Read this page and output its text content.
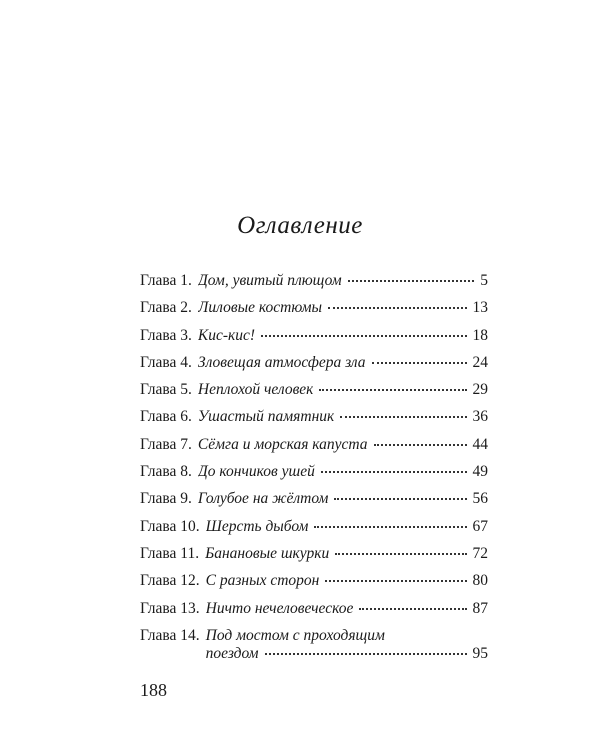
Оглавление
Глава 1. Дом, увитый плющом	5
Глава 2. Лиловые костюмы	13
Глава 3. Кис-кис!	18
Глава 4. Зловещая атмосфера зла	24
Глава 5. Неплохой человек	29
Глава 6. Ушастый памятник	36
Глава 7. Сёмга и морская капуста	44
Глава 8. До кончиков ушей	49
Глава 9. Голубое на жёлтом	56
Глава 10. Шерсть дыбом	67
Глава 11. Банановые шкурки	72
Глава 12. С разных сторон	80
Глава 13. Ничто нечеловеческое	87
Глава 14. Под мостом с проходящим
поездом	95
188
